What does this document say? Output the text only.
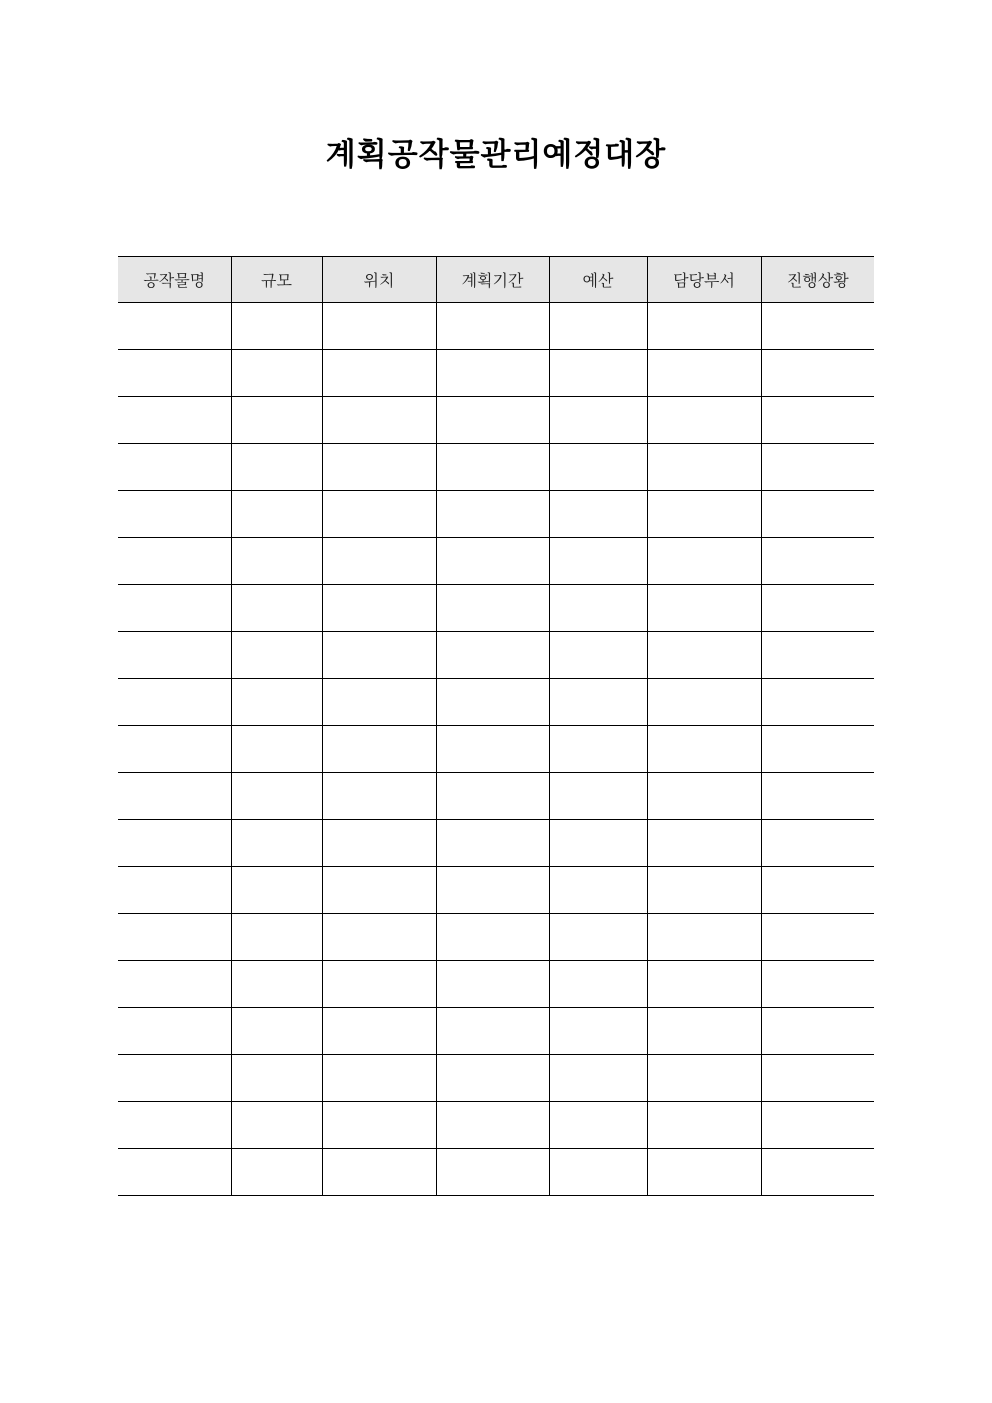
계획공작물관리예정대장
공작물명	규모	위치	계획기간	예산	담당부서	진행상황
